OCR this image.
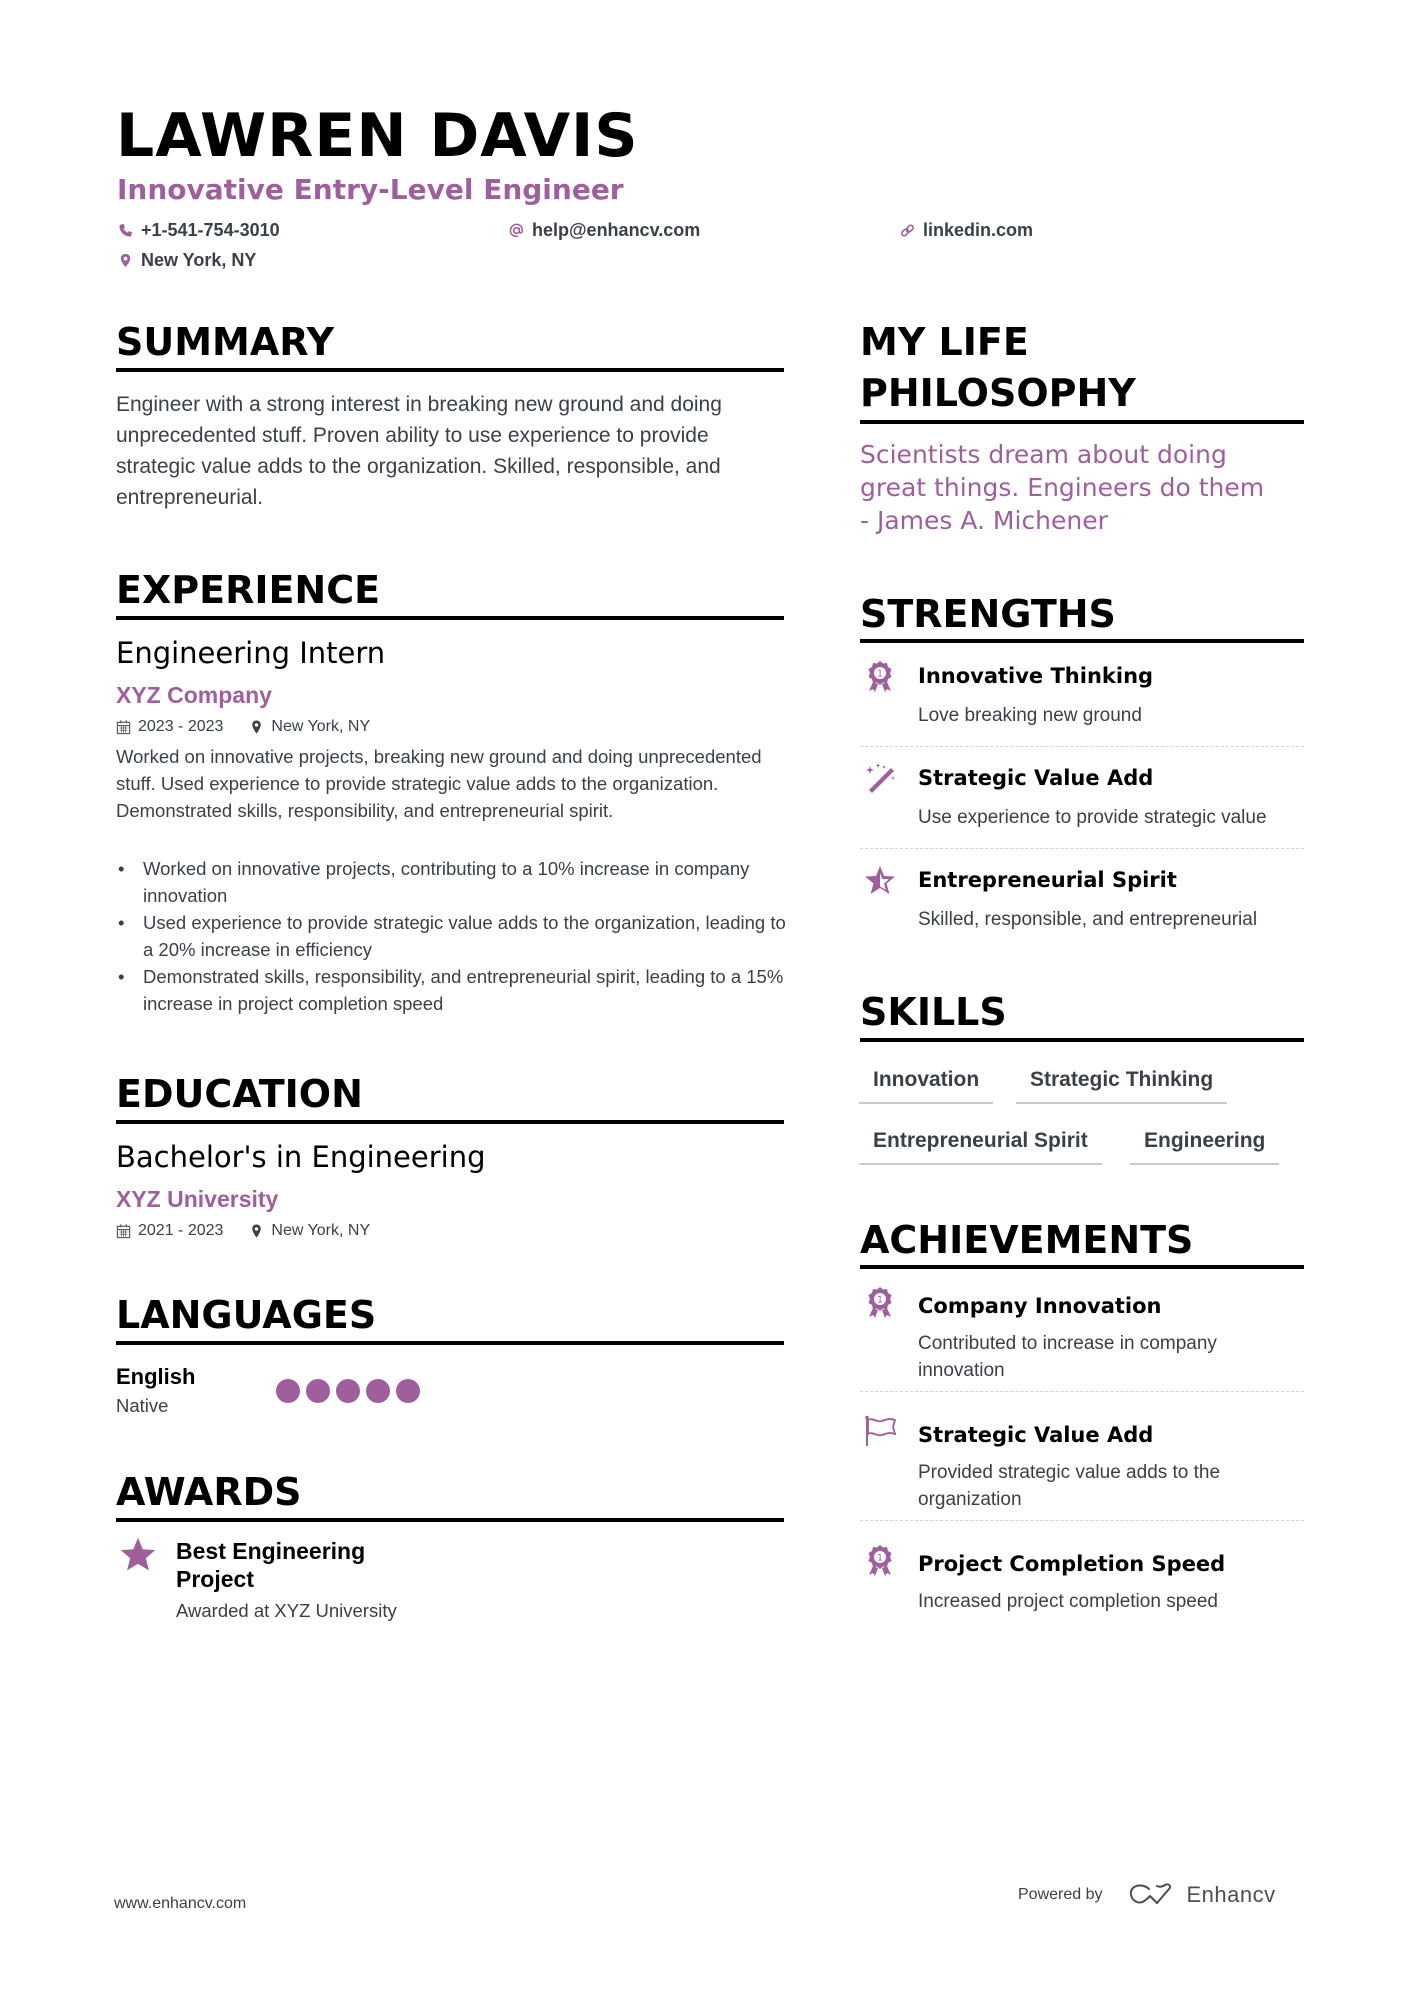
LAWREN DAVIS
Innovative Entry-Level Engineer
+1-541-754-3010	help@enhancv.com	linkedin.com
New York, NY
SUMMARY
Engineer with a strong interest in breaking new ground and doing unprecedented stuff. Proven ability to use experience to provide strategic value adds to the organization. Skilled, responsible, and entrepreneurial.
EXPERIENCE
Engineering Intern
XYZ Company
2023 - 2023	New York, NY
Worked on innovative projects, breaking new ground and doing unprecedented stuff. Used experience to provide strategic value adds to the organization. Demonstrated skills, responsibility, and entrepreneurial spirit.
• Worked on innovative projects, contributing to a 10% increase in company innovation
• Used experience to provide strategic value adds to the organization, leading to a 20% increase in efficiency
• Demonstrated skills, responsibility, and entrepreneurial spirit, leading to a 15% increase in project completion speed
EDUCATION
Bachelor's in Engineering
XYZ University
2021 - 2023	New York, NY
LANGUAGES
English
Native
AWARDS
Best Engineering Project
Awarded at XYZ University
MY LIFE
PHILOSOPHY
Scientists dream about doing
great things. Engineers do them
- James A. Michener
STRENGTHS
1 Innovative Thinking
Love breaking new ground
Strategic Value Add
Use experience to provide strategic value
Entrepreneurial Spirit
Skilled, responsible, and entrepreneurial
SKILLS
Innovation	Strategic Thinking
Entrepreneurial Spirit	Engineering
ACHIEVEMENTS
1 Company Innovation
Contributed to increase in company innovation
Strategic Value Add
Provided strategic value adds to the organization
1 Project Completion Speed
Increased project completion speed
www.enhancv.com
Powered by	Enhancv
